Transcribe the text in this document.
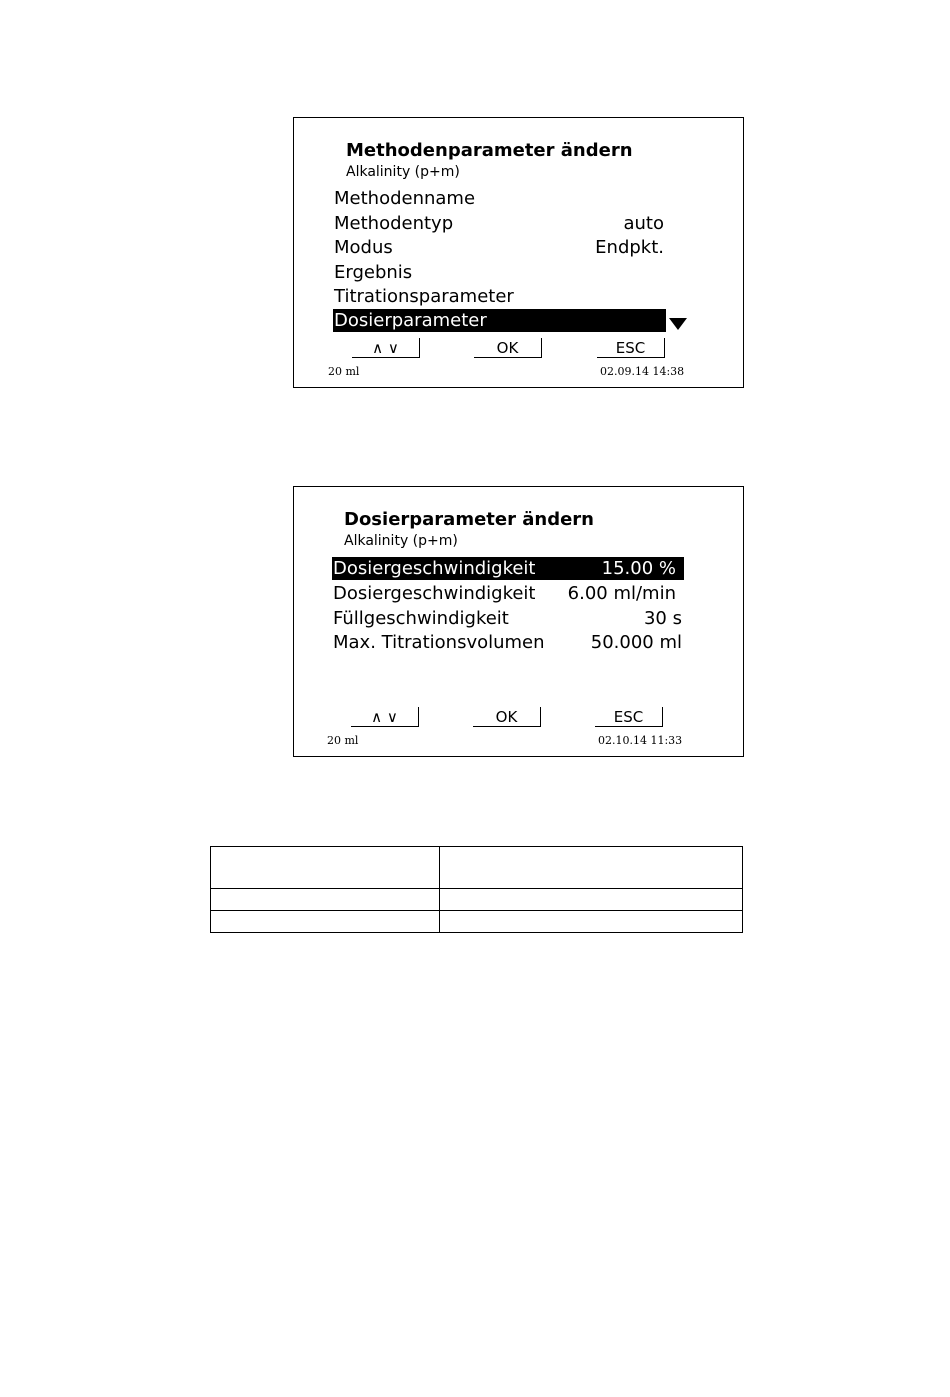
Methodenparameter ändern
Alkalinity (p+m)
Methodenname
Methodentyp	auto
Modus	Endpkt.
Ergebnis
Titrationsparameter
Dosierparameter
∧ ∨	OK	ESC
20 ml	02.09.14 14:38
Dosierparameter ändern
Alkalinity (p+m)
Dosiergeschwindigkeit	15.00 %
Dosiergeschwindigkeit 6.00 ml/min
Füllgeschwindigkeit	30 s
Max. Titrationsvolumen	50.000 ml
∧ ∨	OK	ESC
20 ml	02.10.14 11:33
